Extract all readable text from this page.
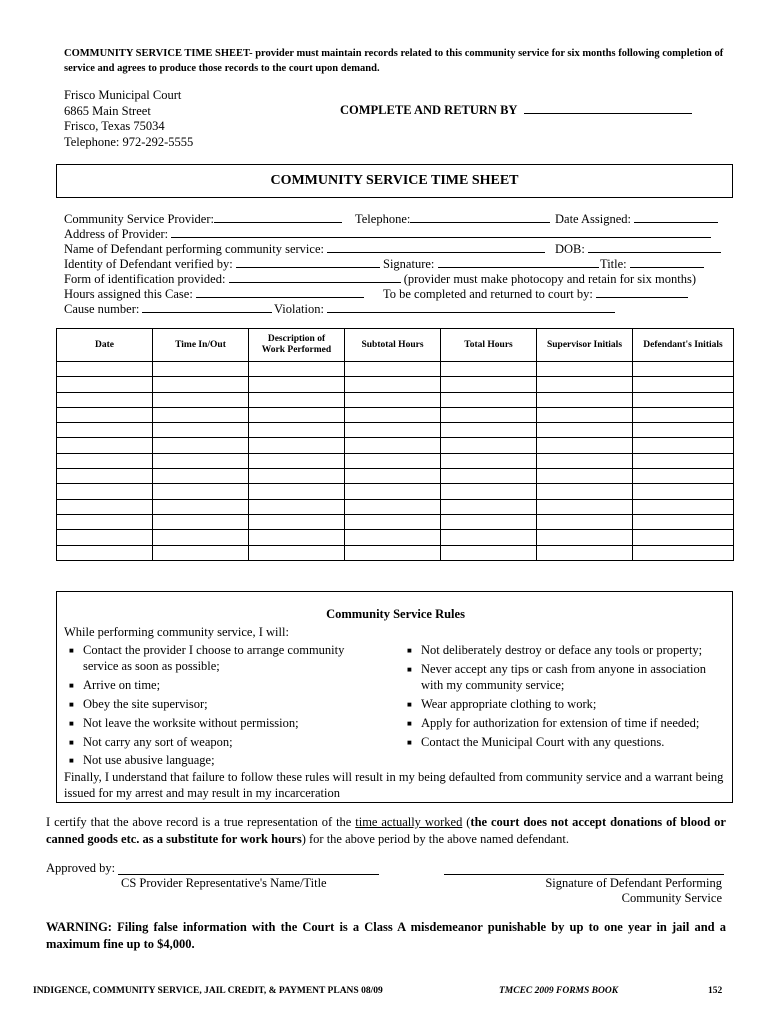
COMMUNITY SERVICE TIME SHEET- provider must maintain records related to this community service for six months following completion of service and agrees to produce those records to the court upon demand.
Frisco Municipal Court
6865 Main Street
Frisco, Texas 75034
Telephone: 972-292-5555
COMPLETE AND RETURN BY
COMMUNITY SERVICE TIME SHEET
Community Service Provider:	Telephone:	Date Assigned:
Address of Provider:
Name of Defendant performing community service:	DOB:
Identity of Defendant verified by:	Signature:	Title:
Form of identification provided:	(provider must make photocopy and retain for six months)
Hours assigned this Case:	To be completed and returned to court by:
Cause number:	Violation:
Date	Time In/Out	Description of Work Performed	Subtotal Hours	Total Hours	Supervisor Initials	Defendant's Initials

Community Service Rules
While performing community service, I will:
■ Contact the provider I choose to arrange community
service as soon as possible;
■ Arrive on time;
■ Obey the site supervisor;
■ Not leave the worksite without permission;
■ Not carry any sort of weapon;
■ Not use abusive language;
■ Not deliberately destroy or deface any tools or property;
■ Never accept any tips or cash from anyone in association
with my community service;
■ Wear appropriate clothing to work;
■ Apply for authorization for extension of time if needed;
■ Contact the Municipal Court with any questions.
Finally, I understand that failure to follow these rules will result in my being defaulted from community service and a warrant being
issued for my arrest and may result in my incarceration
I certify that the above record is a true representation of the time actually worked (the court does not accept donations of blood or canned goods etc. as a substitute for work hours) for the above period by the above named defendant.
Approved by:
CS Provider Representative's Name/Title	Signature of Defendant Performing
Community Service
WARNING: Filing false information with the Court is a Class A misdemeanor punishable by up to one year in jail and a maximum fine up to $4,000.
INDIGENCE, COMMUNITY SERVICE, JAIL CREDIT, & PAYMENT PLANS 08/09	TMCEC 2009 FORMS BOOK	152
